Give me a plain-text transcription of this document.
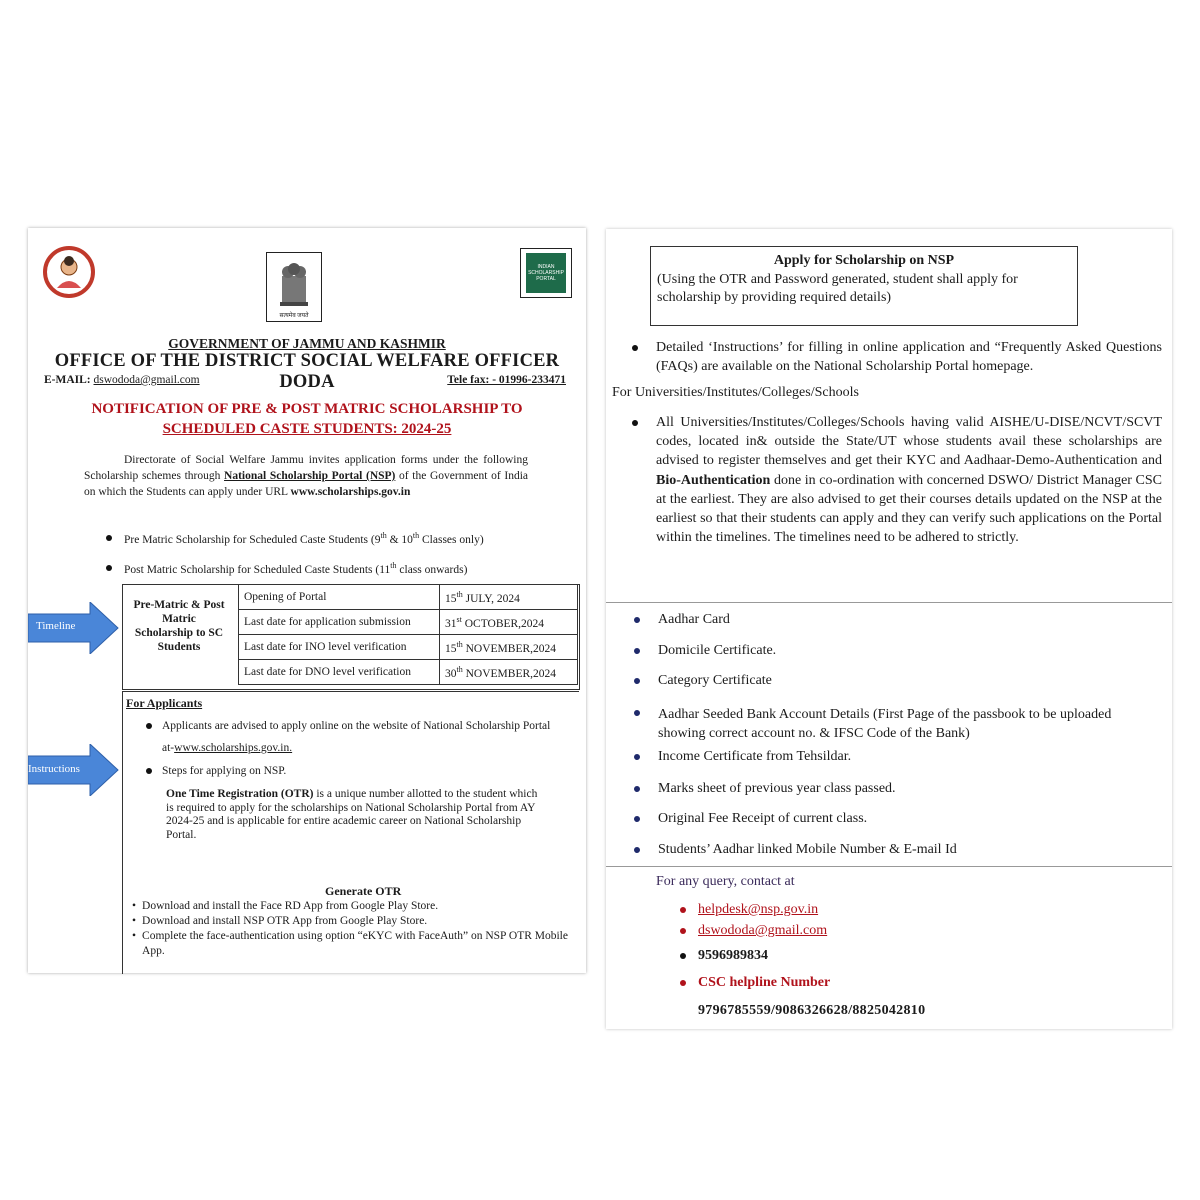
सत्यमेव जयते
INDIAN SCHOLARSHIP PORTAL
GOVERNMENT OF JAMMU AND KASHMIR
OFFICE OF THE DISTRICT SOCIAL WELFARE OFFICER DODA
E-MAIL: dswododa@gmail.com	Tele fax: - 01996-233471
NOTIFICATION OF PRE & POST MATRIC SCHOLARSHIP TO
SCHEDULED CASTE STUDENTS: 2024-25
Directorate of Social Welfare Jammu invites application forms under the following Scholarship schemes through National Scholarship Portal (NSP) of the Government of India on which the Students can apply under URL www.scholarships.gov.in
Pre Matric Scholarship for Scheduled Caste Students (9th & 10th Classes only)
Post Matric Scholarship for Scheduled Caste Students (11th class onwards)
Timeline
Pre-Matric & Post
Matric
Scholarship to SC
Students
Opening of Portal	15th JULY, 2024
Last date for application submission	31st OCTOBER,2024
Last date for INO level verification	15th NOVEMBER,2024
Last date for DNO level verification	30th NOVEMBER,2024
For Applicants
Applicants are advised to apply online on the website of National Scholarship Portal at-www.scholarships.gov.in.
Steps for applying on NSP.
Instructions
One Time Registration (OTR) is a unique number allotted to the student which is required to apply for the scholarships on National Scholarship Portal from AY 2024-25 and is applicable for entire academic career on National Scholarship Portal.
Generate OTR
• Download and install the Face RD App from Google Play Store.
• Download and install NSP OTR App from Google Play Store.
• Complete the face-authentication using option “eKYC with FaceAuth” on NSP OTR Mobile App.
Apply for Scholarship on NSP
(Using the OTR and Password generated, student shall apply for scholarship by providing required details)
Detailed ‘Instructions’ for filling in online application and “Frequently Asked Questions (FAQs) are available on the National Scholarship Portal homepage.
For Universities/Institutes/Colleges/Schools
All Universities/Institutes/Colleges/Schools having valid AISHE/U-DISE/NCVT/SCVT codes, located in& outside the State/UT whose students avail these scholarships are advised to register themselves and get their KYC and Aadhaar-Demo-Authentication and Bio-Authentication done in co-ordination with concerned DSWO/ District Manager CSC at the earliest. They are also advised to get their courses details updated on the NSP at the earliest so that their students can apply and they can verify such applications on the Portal within the timelines. The timelines need to be adhered to strictly.
Aadhar Card
Domicile Certificate.
Category Certificate
Aadhar Seeded Bank Account Details (First Page of the passbook to be uploaded showing correct account no. & IFSC Code of the Bank)
Income Certificate from Tehsildar.
Marks sheet of previous year class passed.
Original Fee Receipt of current class.
Students’ Aadhar linked Mobile Number & E-mail Id
For any query, contact at
helpdesk@nsp.gov.in
dswododa@gmail.com
9596989834
CSC helpline Number
9796785559/9086326628/8825042810
